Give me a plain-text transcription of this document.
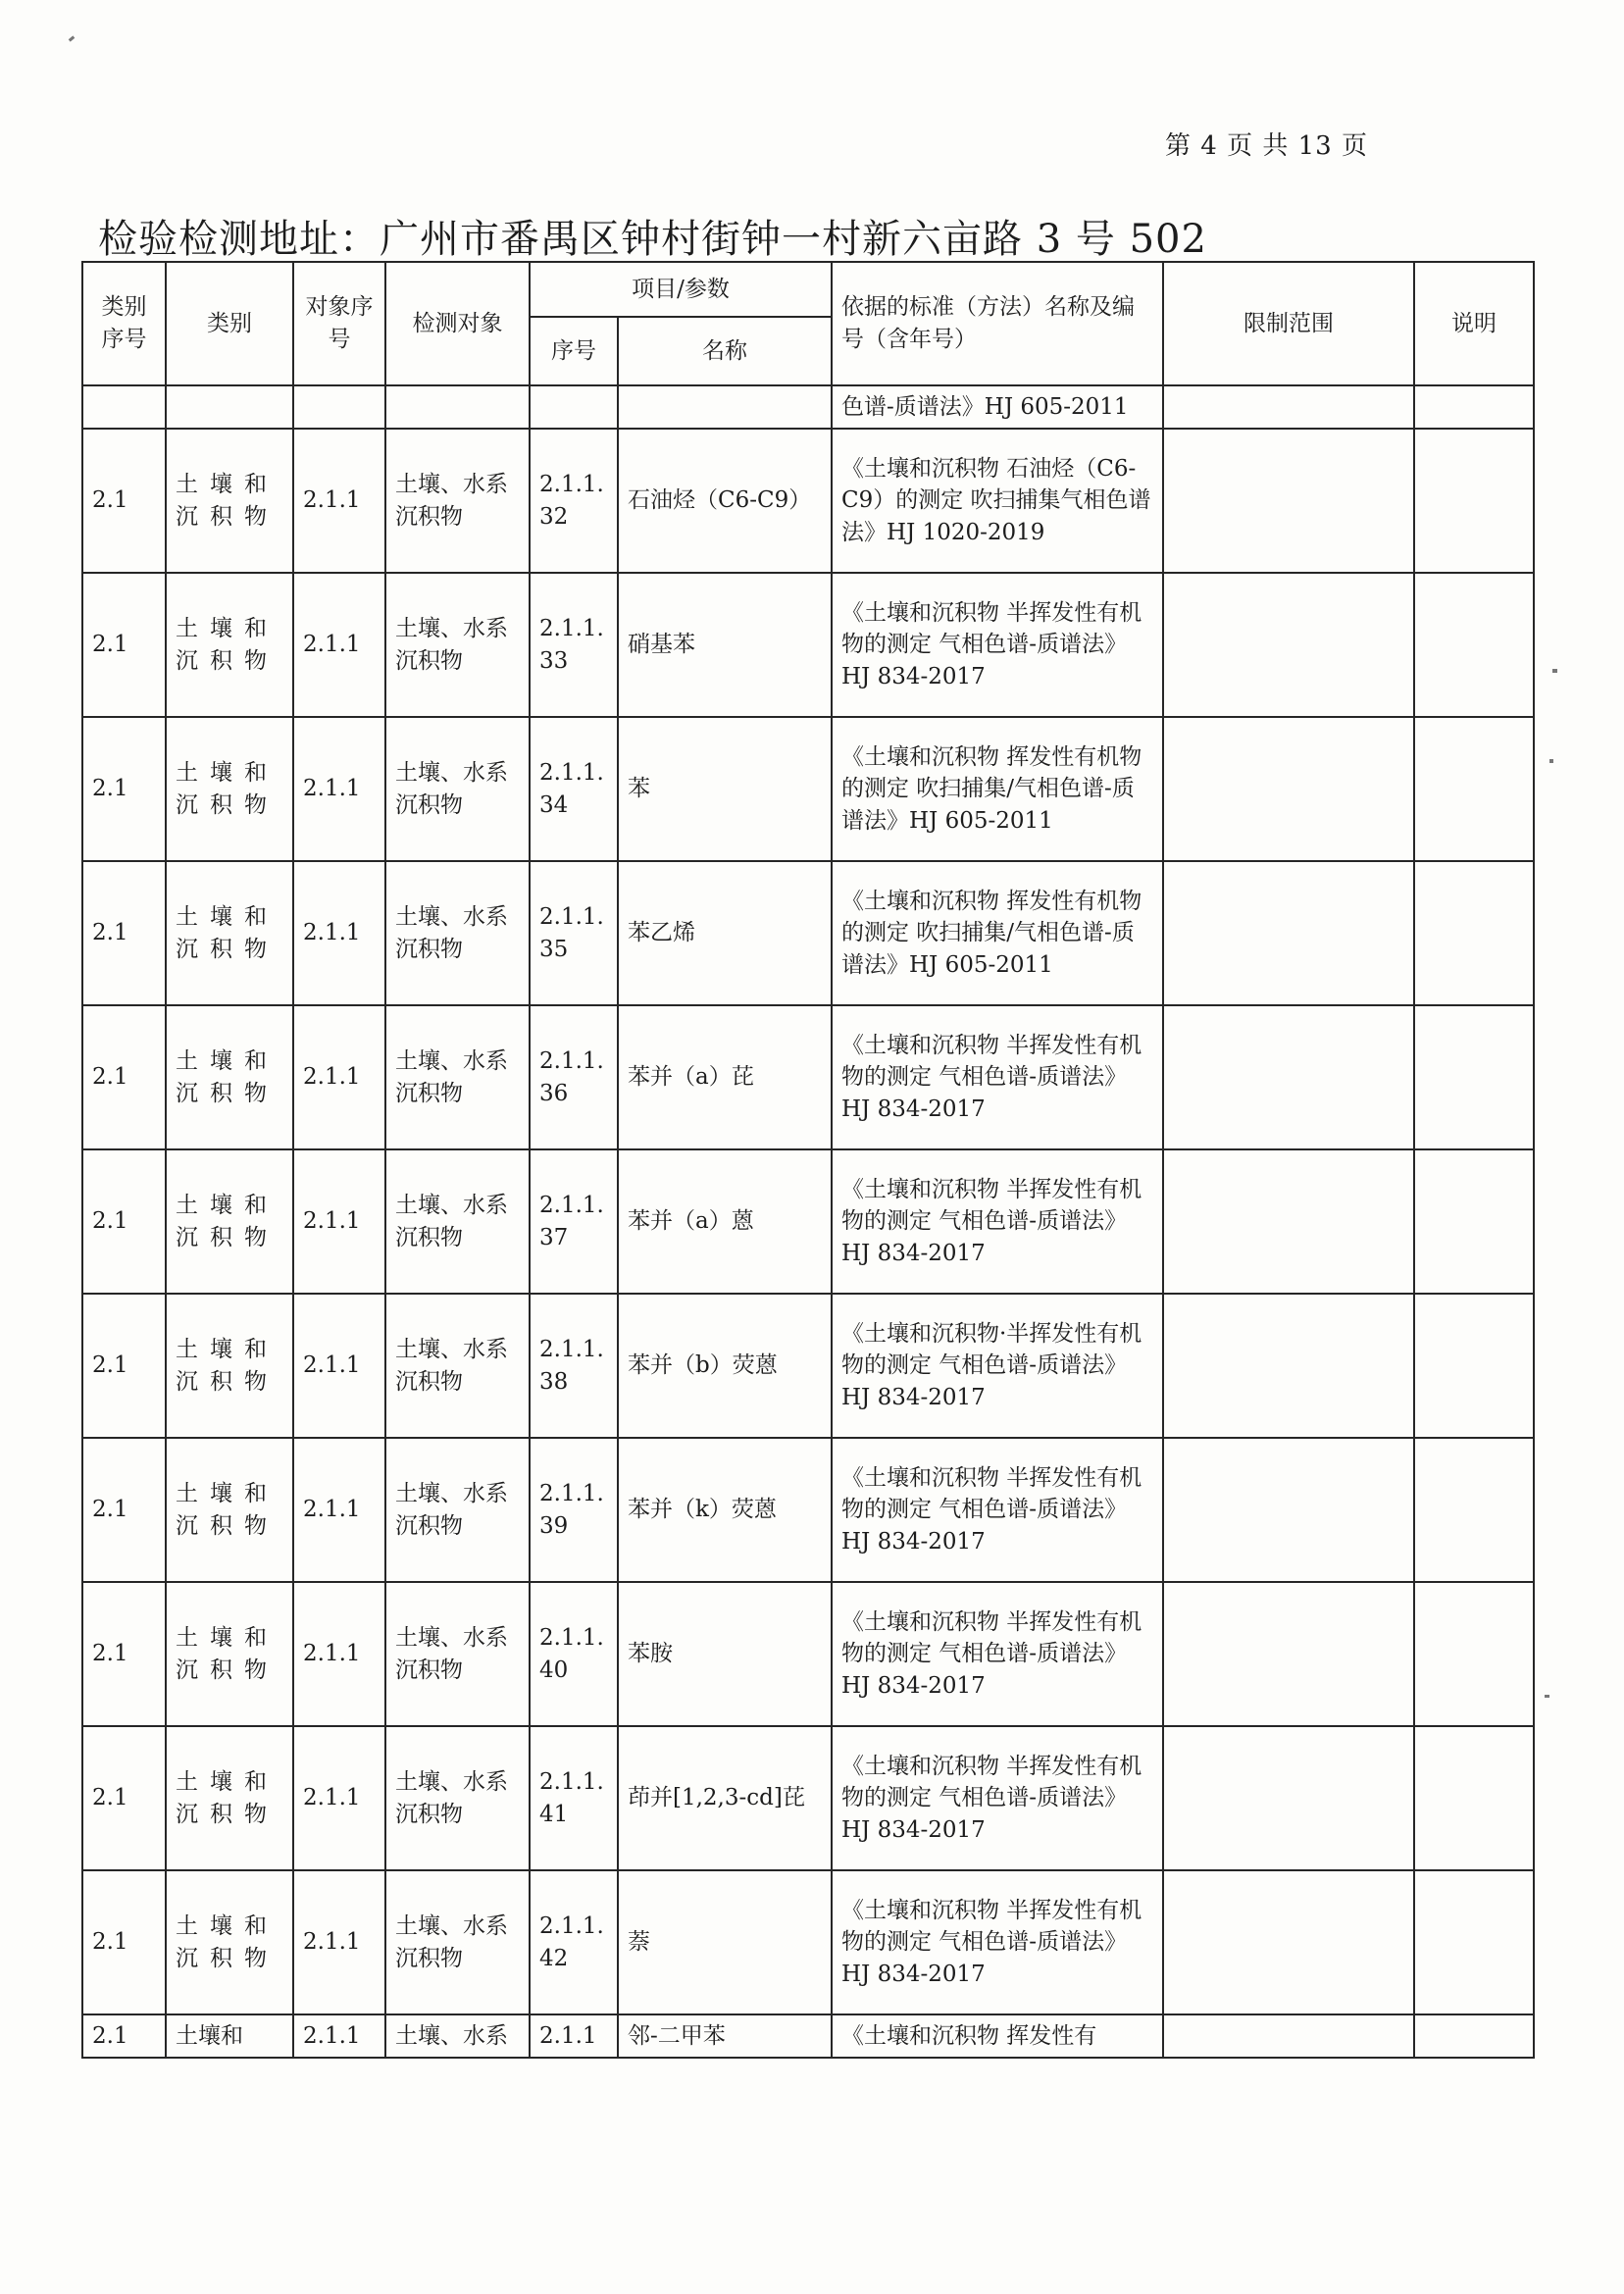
第 4 页 共 13 页
检验检测地址：广州市番禺区钟村街钟一村新六亩路 3 号 502
类别序号	类别	对象序号	检测对象	项目/参数		依据的标准（方法）名称及编号（含年号）	限制范围	说明
				序号	名称			
						色谱-质谱法》HJ 605-2011		
2.1	土壤和沉积物	2.1.1	土壤、水系沉积物	2.1.1.32	石油烃（C6-C9）	《土壤和沉积物 石油烃（C6-C9）的测定 吹扫捕集气相色谱法》HJ 1020-2019		
2.1	土壤和沉积物	2.1.1	土壤、水系沉积物	2.1.1.33	硝基苯	《土壤和沉积物 半挥发性有机物的测定 气相色谱-质谱法》HJ 834-2017		
2.1	土壤和沉积物	2.1.1	土壤、水系沉积物	2.1.1.34	苯	《土壤和沉积物 挥发性有机物的测定 吹扫捕集/气相色谱-质谱法》HJ 605-2011		
2.1	土壤和沉积物	2.1.1	土壤、水系沉积物	2.1.1.35	苯乙烯	《土壤和沉积物 挥发性有机物的测定 吹扫捕集/气相色谱-质谱法》HJ 605-2011		
2.1	土壤和沉积物	2.1.1	土壤、水系沉积物	2.1.1.36	苯并（a）芘	《土壤和沉积物 半挥发性有机物的测定 气相色谱-质谱法》HJ 834-2017		
2.1	土壤和沉积物	2.1.1	土壤、水系沉积物	2.1.1.37	苯并（a）蒽	《土壤和沉积物 半挥发性有机物的测定 气相色谱-质谱法》HJ 834-2017		
2.1	土壤和沉积物	2.1.1	土壤、水系沉积物	2.1.1.38	苯并（b）荧蒽	《土壤和沉积物·半挥发性有机物的测定 气相色谱-质谱法》HJ 834-2017		
2.1	土壤和沉积物	2.1.1	土壤、水系沉积物	2.1.1.39	苯并（k）荧蒽	《土壤和沉积物 半挥发性有机物的测定 气相色谱-质谱法》HJ 834-2017		
2.1	土壤和沉积物	2.1.1	土壤、水系沉积物	2.1.1.40	苯胺	《土壤和沉积物 半挥发性有机物的测定 气相色谱-质谱法》HJ 834-2017		
2.1	土壤和沉积物	2.1.1	土壤、水系沉积物	2.1.1.41	茚并[1,2,3-cd]芘	《土壤和沉积物 半挥发性有机物的测定 气相色谱-质谱法》HJ 834-2017		
2.1	土壤和沉积物	2.1.1	土壤、水系沉积物	2.1.1.42	萘	《土壤和沉积物 半挥发性有机物的测定 气相色谱-质谱法》HJ 834-2017		
2.1	土壤和	2.1.1	土壤、水系	2.1.1	邻-二甲苯	《土壤和沉积物 挥发性有		
